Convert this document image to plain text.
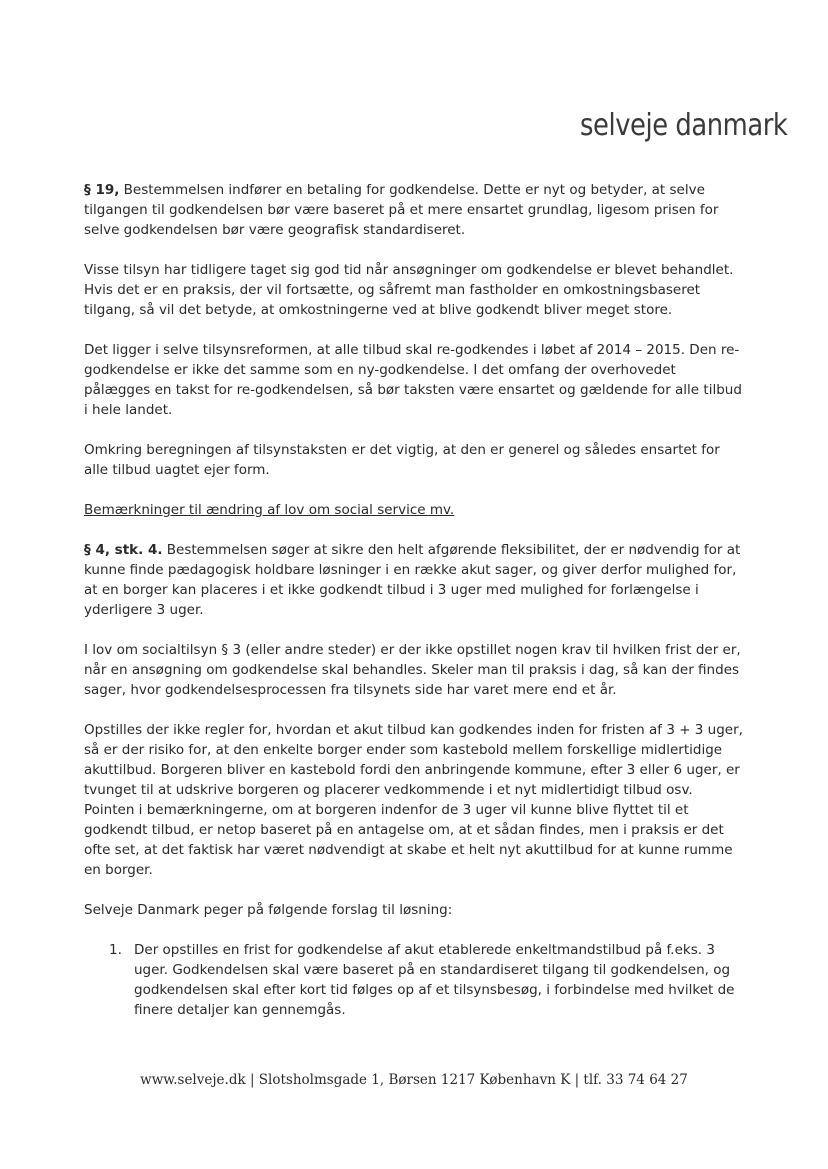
selveje danmark

§ 19, Bestemmelsen indfører en betaling for godkendelse. Dette er nyt og betyder, at selve tilgangen til godkendelsen bør være baseret på et mere ensartet grundlag, ligesom prisen for selve godkendelsen bør være geografisk standardiseret.

Visse tilsyn har tidligere taget sig god tid når ansøgninger om godkendelse er blevet behandlet. Hvis det er en praksis, der vil fortsætte, og såfremt man fastholder en omkostningsbaseret tilgang, så vil det betyde, at omkostningerne ved at blive godkendt bliver meget store.

Det ligger i selve tilsynsreformen, at alle tilbud skal re-godkendes i løbet af 2014 – 2015. Den re-godkendelse er ikke det samme som en ny-godkendelse. I det omfang der overhovedet pålægges en takst for re-godkendelsen, så bør taksten være ensartet og gældende for alle tilbud i hele landet.

Omkring beregningen af tilsynstaksten er det vigtig, at den er generel og således ensartet for alle tilbud uagtet ejer form.

Bemærkninger til ændring af lov om social service mv.

§ 4, stk. 4. Bestemmelsen søger at sikre den helt afgørende fleksibilitet, der er nødvendig for at kunne finde pædagogisk holdbare løsninger i en række akut sager, og giver derfor mulighed for, at en borger kan placeres i et ikke godkendt tilbud i 3 uger med mulighed for forlængelse i yderligere 3 uger.

I lov om socialtilsyn § 3 (eller andre steder) er der ikke opstillet nogen krav til hvilken frist der er, når en ansøgning om godkendelse skal behandles. Skeler man til praksis i dag, så kan der findes sager, hvor godkendelsesprocessen fra tilsynets side har varet mere end et år.

Opstilles der ikke regler for, hvordan et akut tilbud kan godkendes inden for fristen af 3 + 3 uger, så er der risiko for, at den enkelte borger ender som kastebold mellem forskellige midlertidige akuttilbud. Borgeren bliver en kastebold fordi den anbringende kommune, efter 3 eller 6 uger, er tvunget til at udskrive borgeren og placerer vedkommende i et nyt midlertidigt tilbud osv. Pointen i bemærkningerne, om at borgeren indenfor de 3 uger vil kunne blive flyttet til et godkendt tilbud, er netop baseret på en antagelse om, at et sådan findes, men i praksis er det ofte set, at det faktisk har været nødvendigt at skabe et helt nyt akuttilbud for at kunne rumme en borger.

Selveje Danmark peger på følgende forslag til løsning:

1. Der opstilles en frist for godkendelse af akut etablerede enkeltmandstilbud på f.eks. 3 uger. Godkendelsen skal være baseret på en standardiseret tilgang til godkendelsen, og godkendelsen skal efter kort tid følges op af et tilsynsbesøg, i forbindelse med hvilket de finere detaljer kan gennemgås.
www.selveje.dk | Slotsholmsgade 1, Børsen 1217 København K | tlf. 33 74 64 27
